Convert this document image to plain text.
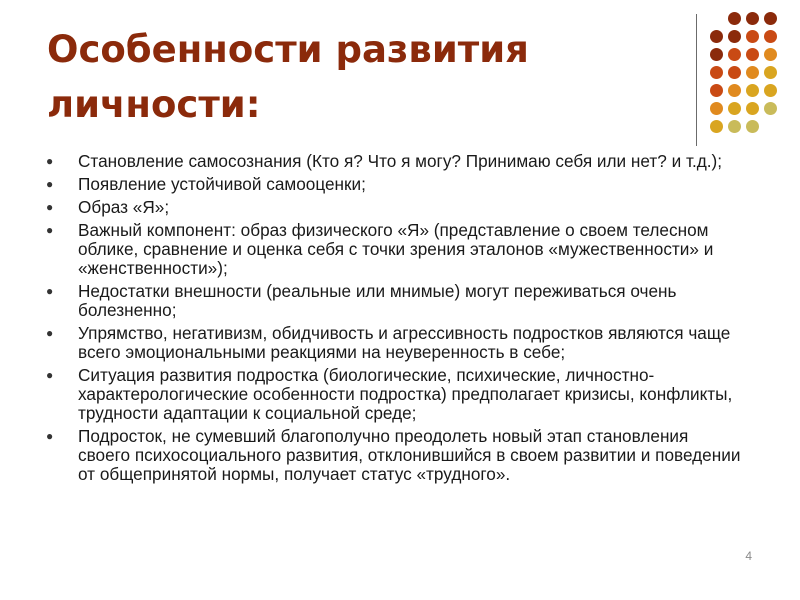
Особенности развития личности:
● Становление самосознания (Кто я? Что я могу? Принимаю себя или нет? и т.д.);
● Появление устойчивой самооценки;
● Образ «Я»;
● Важный компонент: образ физического «Я» (представление о своем телесном облике, сравнение и оценка себя с точки зрения эталонов «мужественности» и «женственности»);
● Недостатки внешности (реальные или мнимые) могут переживаться очень болезненно;
● Упрямство, негативизм, обидчивость и агрессивность подростков являются чаще всего эмоциональными реакциями на неуверенность в себе;
● Ситуация развития подростка (биологические, психические, личностно-характерологические особенности подростка) предполагает кризисы, конфликты, трудности адаптации к социальной среде;
● Подросток, не сумевший благополучно преодолеть новый этап становления своего психосоциального развития, отклонившийся в своем развитии и поведении от общепринятой нормы, получает статус «трудного».
4
